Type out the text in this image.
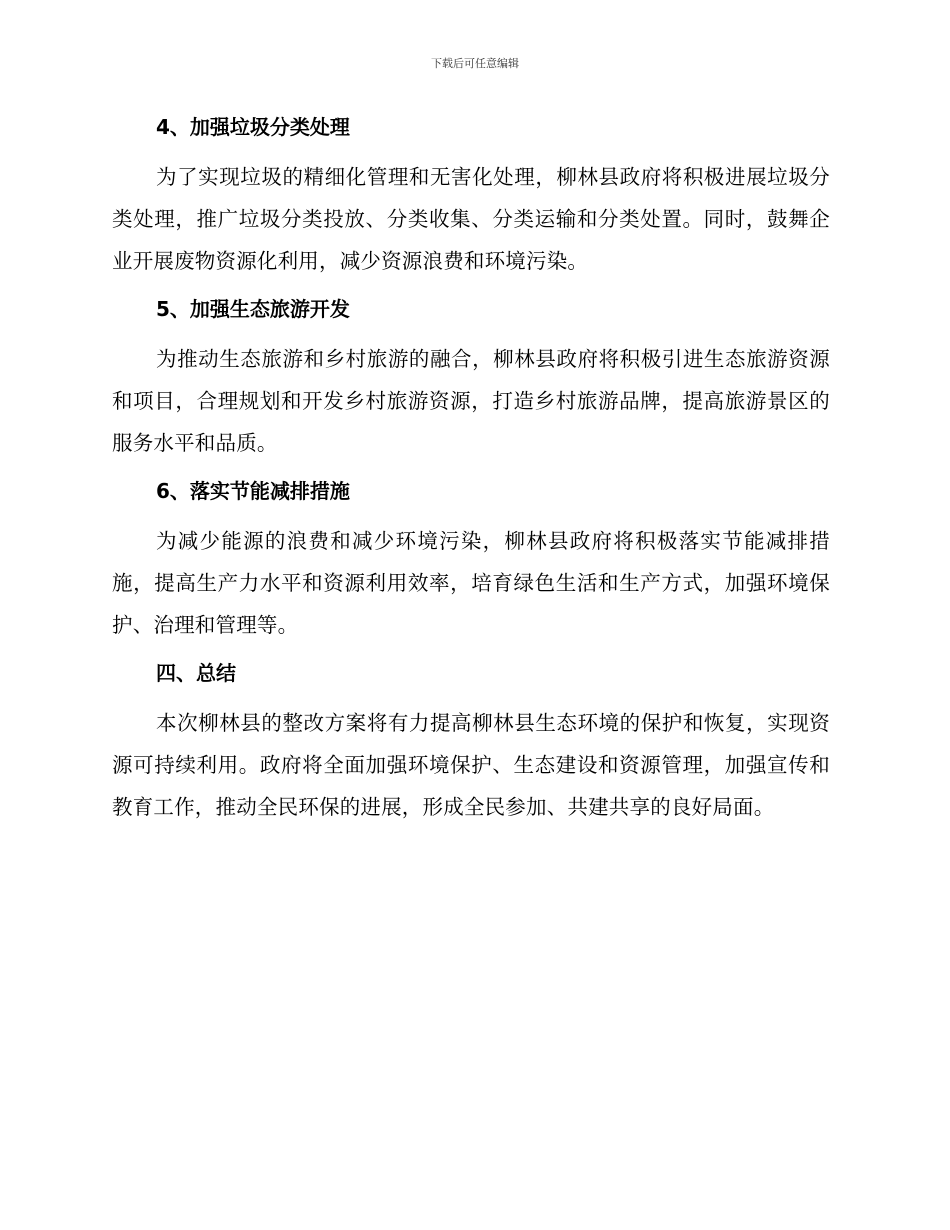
下载后可任意编辑
4、加强垃圾分类处理

为了实现垃圾的精细化管理和无害化处理，柳林县政府将积极进展垃圾分类处理，推广垃圾分类投放、分类收集、分类运输和分类处置。同时，鼓舞企业开展废物资源化利用，减少资源浪费和环境污染。

5、加强生态旅游开发

为推动生态旅游和乡村旅游的融合，柳林县政府将积极引进生态旅游资源和项目，合理规划和开发乡村旅游资源，打造乡村旅游品牌，提高旅游景区的服务水平和品质。

6、落实节能减排措施

为减少能源的浪费和减少环境污染，柳林县政府将积极落实节能减排措施，提高生产力水平和资源利用效率，培育绿色生活和生产方式，加强环境保护、治理和管理等。

四、总结

本次柳林县的整改方案将有力提高柳林县生态环境的保护和恢复，实现资源可持续利用。政府将全面加强环境保护、生态建设和资源管理，加强宣传和教育工作，推动全民环保的进展，形成全民参加、共建共享的良好局面。
